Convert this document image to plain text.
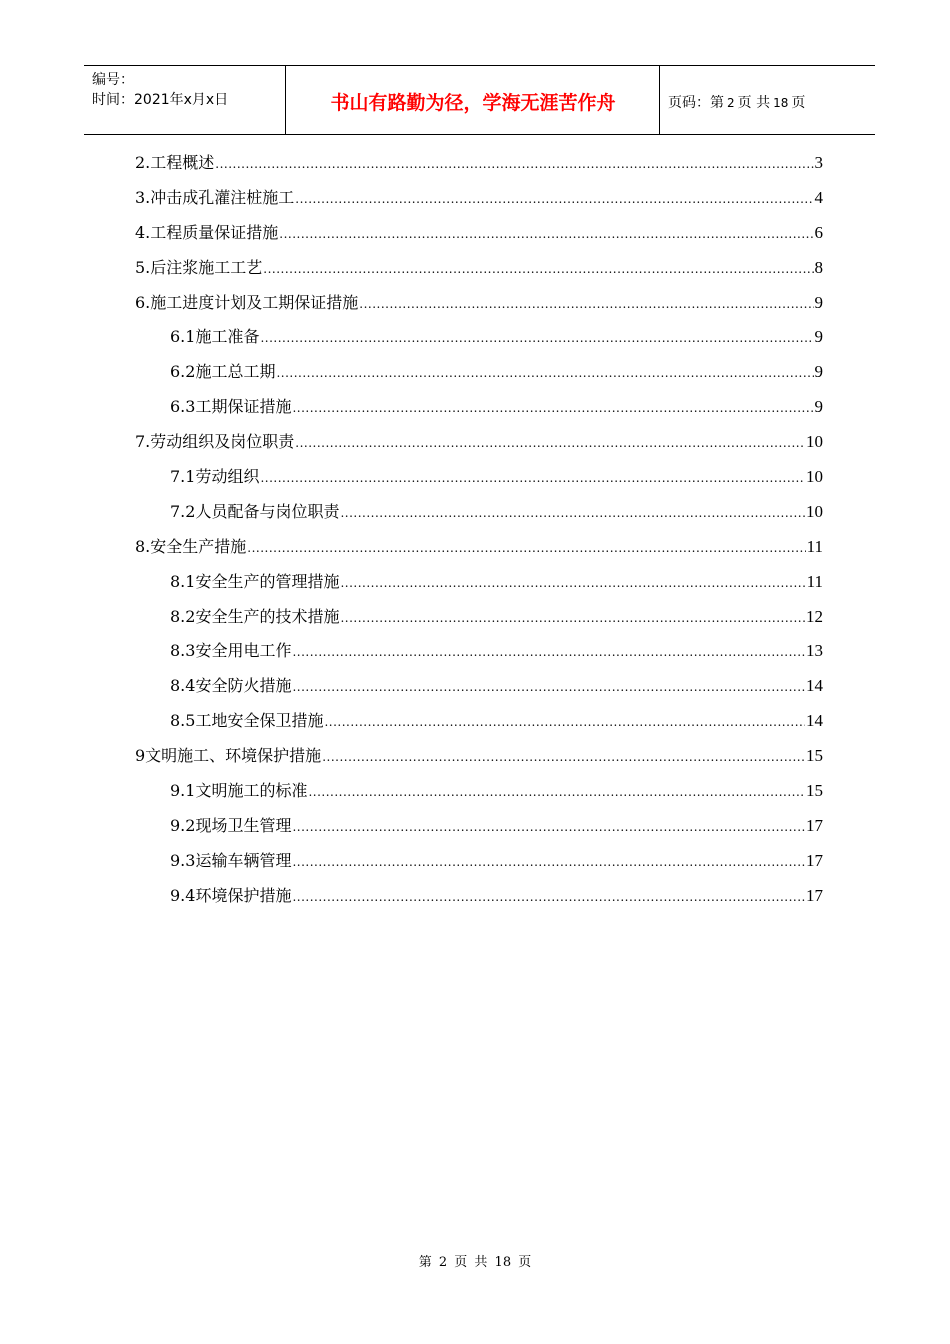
编号：
时间：2021年x月x日	书山有路勤为径，学海无涯苦作舟	页码：第 2 页 共 18 页
2.工程概述 .....	3
3.冲击成孔灌注桩施工 .....	4
4.工程质量保证措施 .....	6
5.后注浆施工工艺 .....	8
6.施工进度计划及工期保证措施 .....	9
6.1施工准备 .....	9
6.2施工总工期 .....	9
6.3工期保证措施 .....	9
7.劳动组织及岗位职责 .....	10
7.1劳动组织 .....	10
7.2人员配备与岗位职责 .....	10
8.安全生产措施 .....	11
8.1安全生产的管理措施 .....	11
8.2安全生产的技术措施 .....	12
8.3安全用电工作 .....	13
8.4安全防火措施 .....	14
8.5工地安全保卫措施 .....	14
9文明施工、环境保护措施 .....	15
9.1文明施工的标准 .....	15
9.2现场卫生管理 .....	17
9.3运输车辆管理 .....	17
9.4环境保护措施 .....	17
第 2 页 共 18 页
